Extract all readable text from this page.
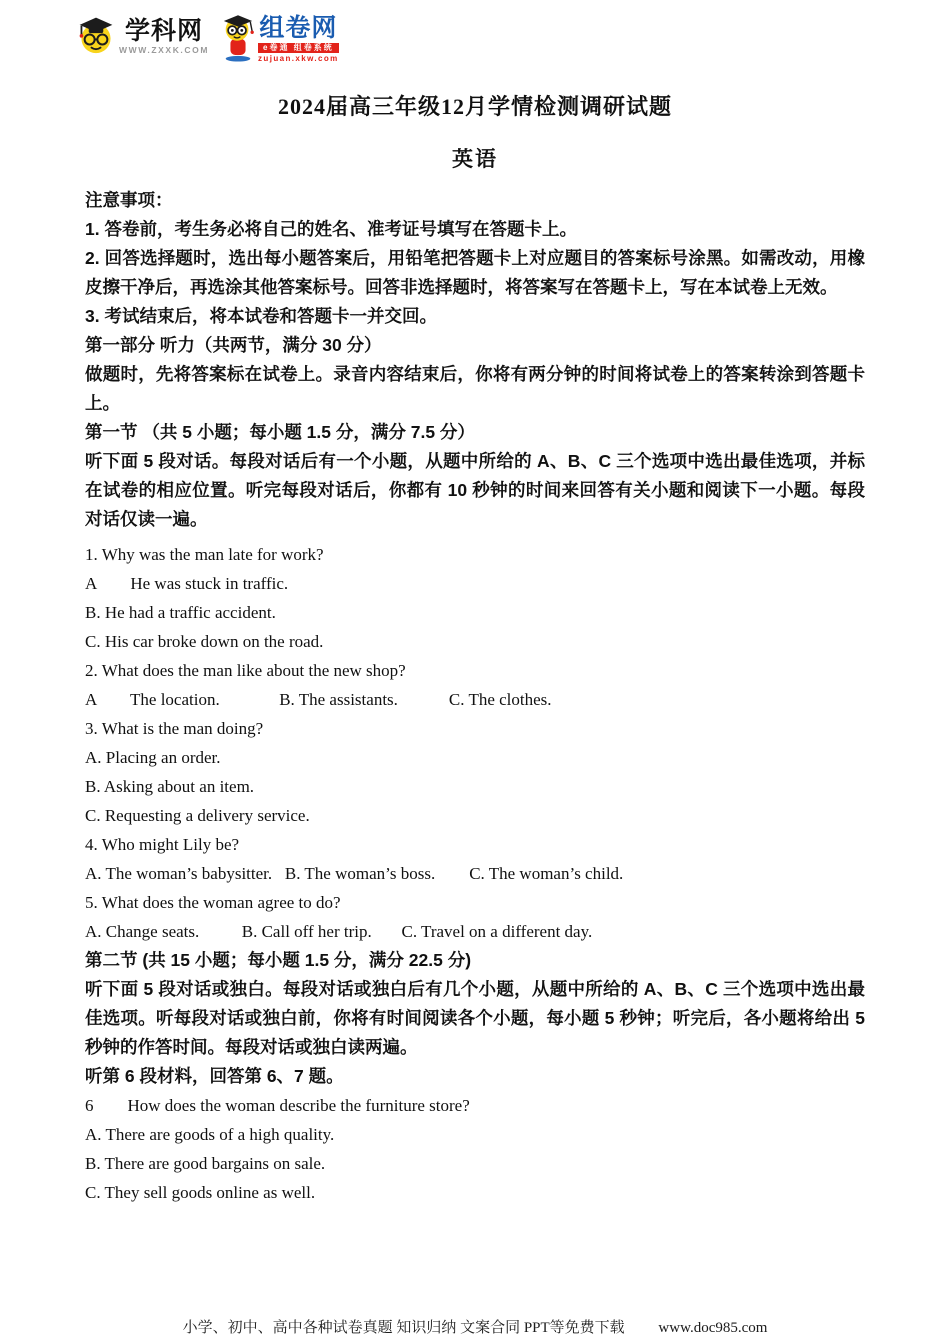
学科网
WWW.ZXXK.COM
组卷网
e卷通 组卷系统
zujuan.xkw.com
2024届高三年级12月学情检测调研试题
英语

注意事项：

1. 答卷前，考生务必将自己的姓名、准考证号填写在答题卡上。

2. 回答选择题时，选出每小题答案后，用铅笔把答题卡上对应题目的答案标号涂黑。如需改动，用橡皮擦干净后，再选涂其他答案标号。回答非选择题时，将答案写在答题卡上，写在本试卷上无效。

3. 考试结束后，将本试卷和答题卡一并交回。

第一部分 听力（共两节，满分 30 分）

做题时，先将答案标在试卷上。录音内容结束后，你将有两分钟的时间将试卷上的答案转涂到答题卡上。

第一节 （共 5 小题；每小题 1.5 分，满分 7.5 分）

听下面 5 段对话。每段对话后有一个小题，从题中所给的 A、B、C 三个选项中选出最佳选项，并标在试卷的相应位置。听完每段对话后，你都有 10 秒钟的时间来回答有关小题和阅读下一小题。每段对话仅读一遍。

1. Why was the man late for work?

A        He was stuck in traffic.

B. He had a traffic accident.

C. His car broke down on the road.

2. What does the man like about the new shop?

A        The location.              B. The assistants.            C. The clothes.

3. What is the man doing?

A. Placing an order.

B. Asking about an item.

C. Requesting a delivery service.

4. Who might Lily be?

A. The woman’s babysitter.   B. The woman’s boss.        C. The woman’s child.

5. What does the woman agree to do?

A. Change seats.          B. Call off her trip.       C. Travel on a different day.

第二节 (共 15 小题；每小题 1.5 分，满分 22.5 分)

听下面 5 段对话或独白。每段对话或独白后有几个小题，从题中所给的 A、B、C 三个选项中选出最佳选项。听每段对话或独白前，你将有时间阅读各个小题，每小题 5 秒钟；听完后，各小题将给出 5 秒钟的作答时间。每段对话或独白读两遍。

听第 6 段材料，回答第 6、7 题。

6        How does the woman describe the furniture store?

A. There are goods of a high quality.

B. There are good bargains on sale.

C. They sell goods online as well.

小学、初中、高中各种试卷真题 知识归纳 文案合同 PPT等免费下载 www.doc985.com
